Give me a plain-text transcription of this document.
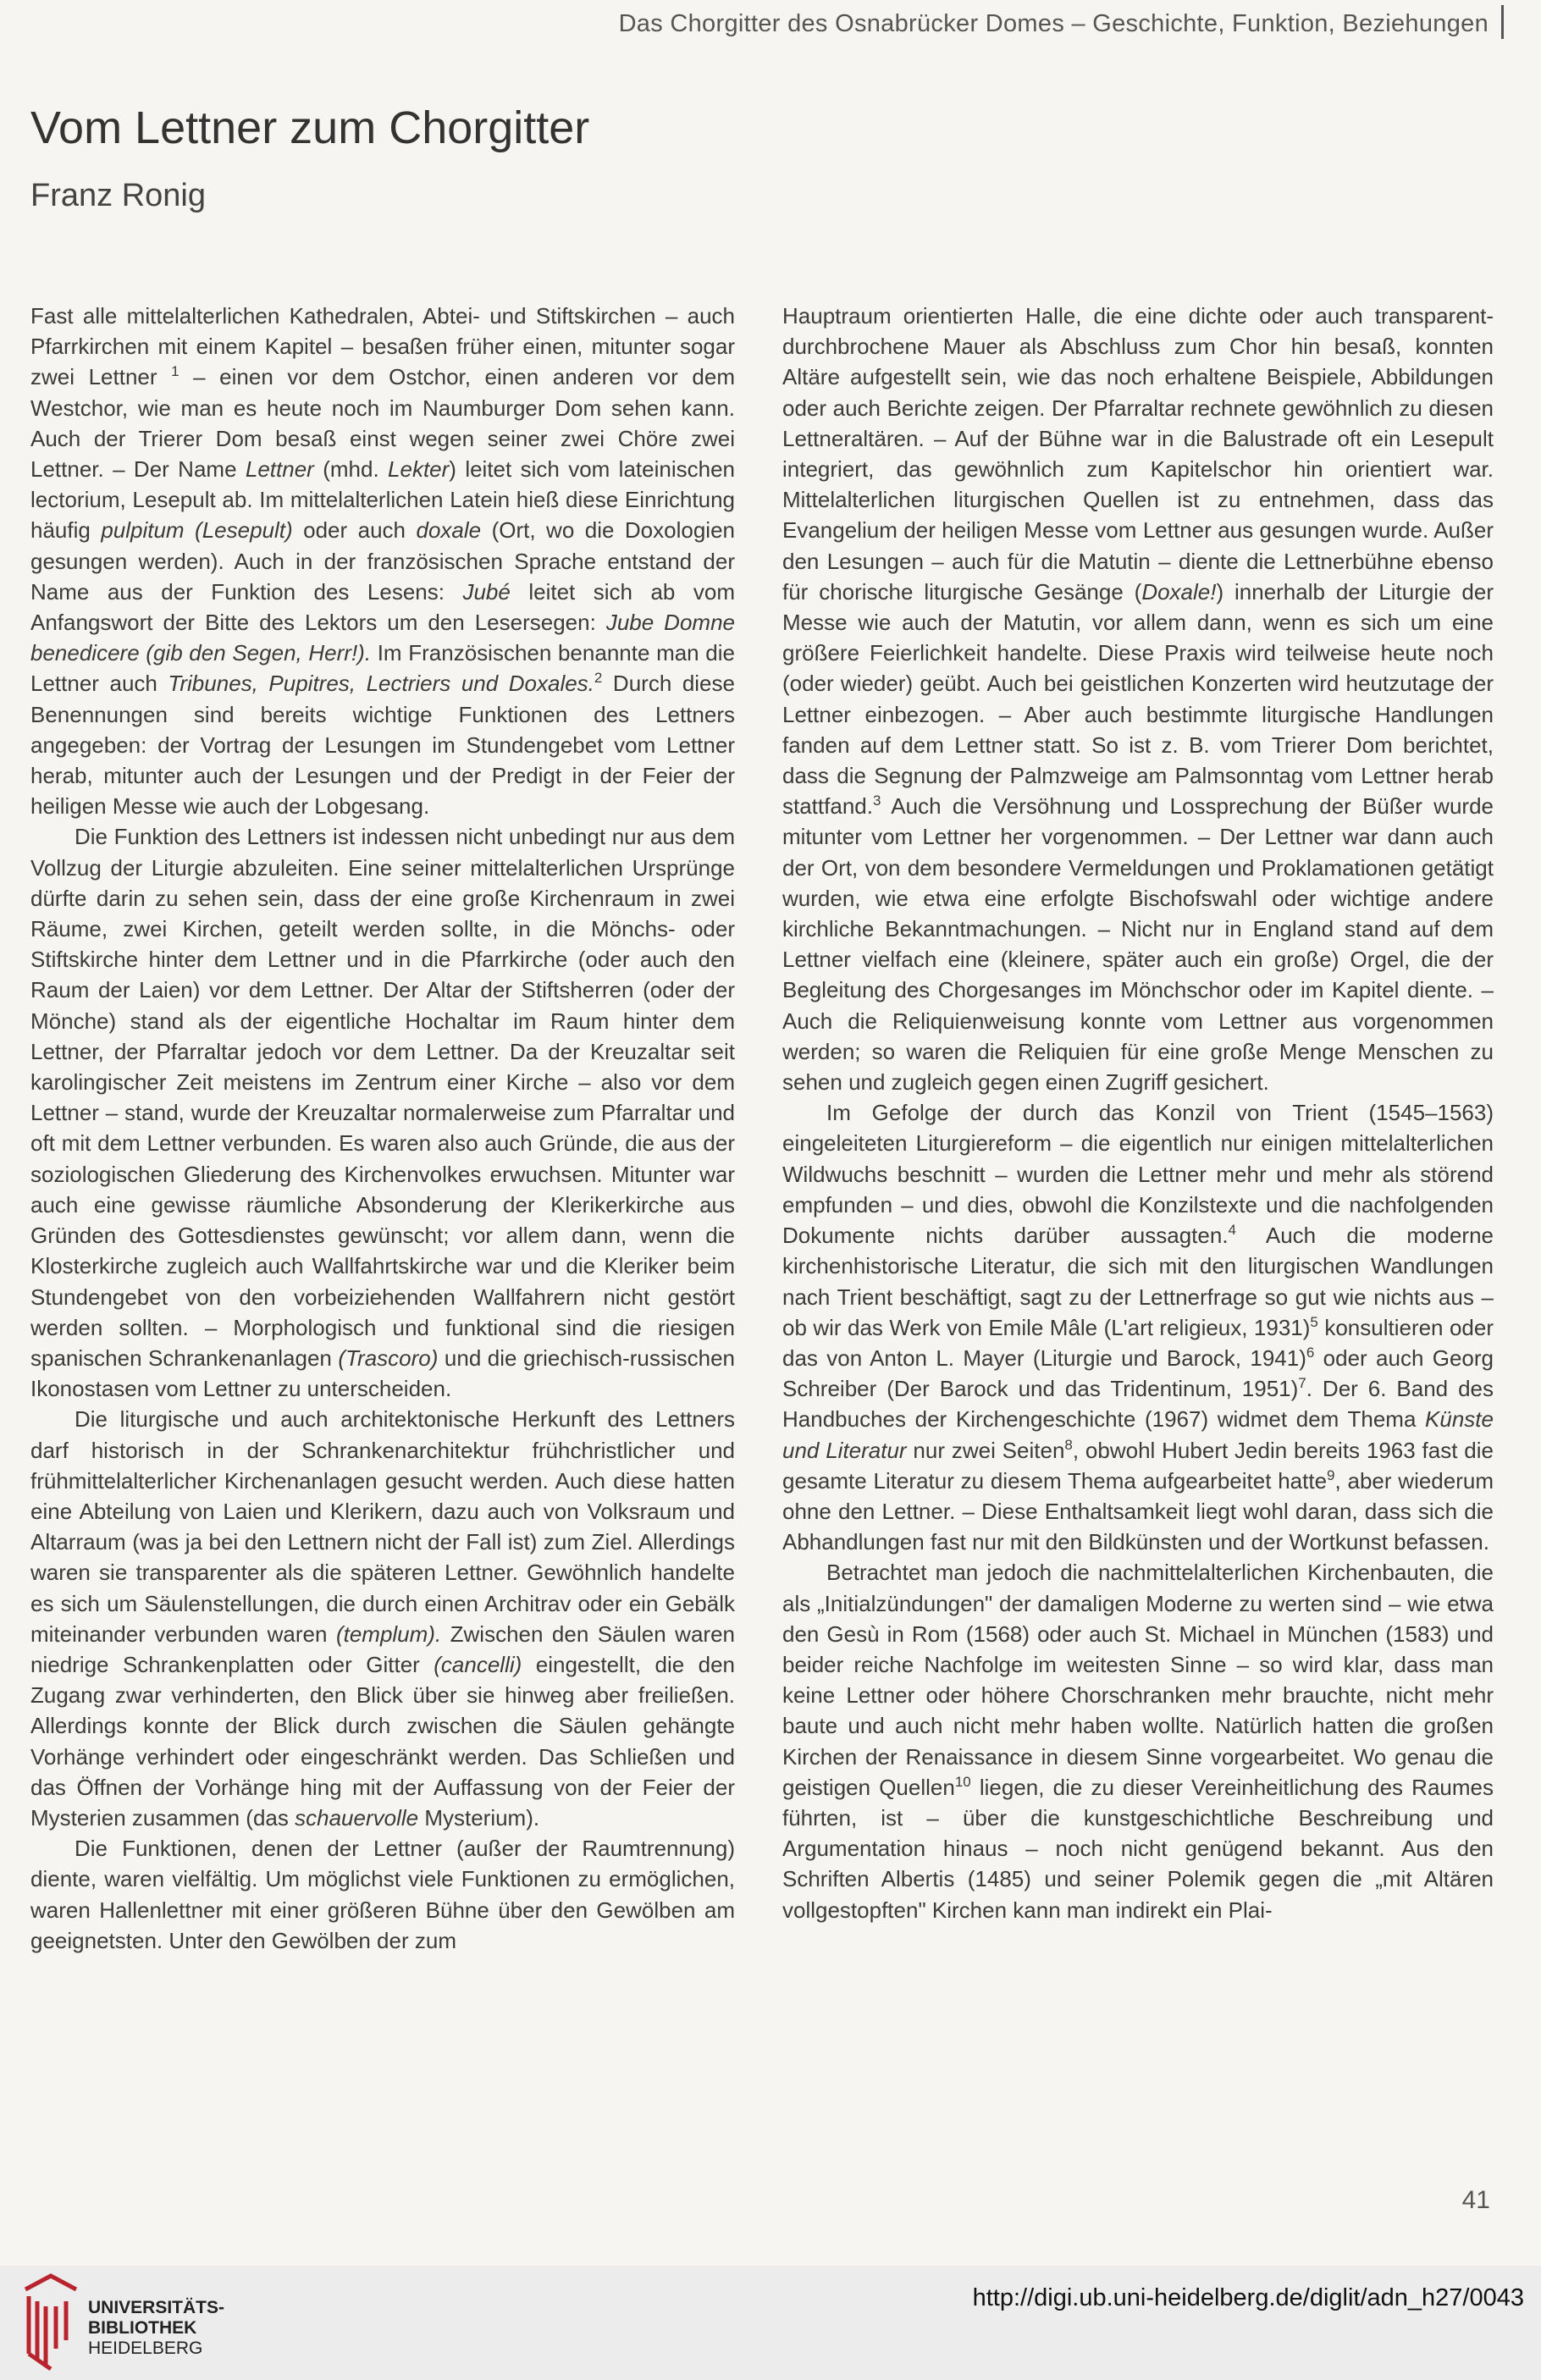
Das Chorgitter des Osnabrücker Domes – Geschichte, Funktion, Beziehungen
Vom Lettner zum Chorgitter
Franz Ronig

Fast alle mittelalterlichen Kathedralen, Abtei- und Stiftskirchen – auch Pfarrkirchen mit einem Kapitel – besaßen früher einen, mitunter sogar zwei Lettner $^1$ – einen vor dem Ostchor, einen anderen vor dem Westchor, wie man es heute noch im Naumburger Dom sehen kann. Auch der Trierer Dom besaß einst wegen seiner zwei Chöre zwei Lettner. – Der Name Lettner (mhd. Lekter) leitet sich vom lateinischen lectorium, Lesepult ab. Im mittelalterlichen Latein hieß diese Einrichtung häufig pulpitum (Lesepult) oder auch doxale (Ort, wo die Doxologien gesungen werden). Auch in der französischen Sprache entstand der Name aus der Funktion des Lesens: Jubé leitet sich ab vom Anfangswort der Bitte des Lektors um den Lesersegen: Jube Domne benedicere (gib den Segen, Herr!). Im Französischen benannte man die Lettner auch Tribunes, Pupitres, Lectriers und Doxales.$^2$ Durch diese Benennungen sind bereits wichtige Funktionen des Lettners angegeben: der Vortrag der Lesungen im Stundengebet vom Lettner herab, mitunter auch der Lesungen und der Predigt in der Feier der heiligen Messe wie auch der Lobgesang.

Die Funktion des Lettners ist indessen nicht unbedingt nur aus dem Vollzug der Liturgie abzuleiten. Eine seiner mittelalterlichen Ursprünge dürfte darin zu sehen sein, dass der eine große Kirchenraum in zwei Räume, zwei Kirchen, geteilt werden sollte, in die Mönchs- oder Stiftskirche hinter dem Lettner und in die Pfarrkirche (oder auch den Raum der Laien) vor dem Lettner. Der Altar der Stiftsherren (oder der Mönche) stand als der eigentliche Hochaltar im Raum hinter dem Lettner, der Pfarraltar jedoch vor dem Lettner. Da der Kreuzaltar seit karolingischer Zeit meistens im Zentrum einer Kirche – also vor dem Lettner – stand, wurde der Kreuzaltar normalerweise zum Pfarraltar und oft mit dem Lettner verbunden. Es waren also auch Gründe, die aus der soziologischen Gliederung des Kirchenvolkes erwuchsen. Mitunter war auch eine gewisse räumliche Absonderung der Klerikerkirche aus Gründen des Gottesdienstes gewünscht; vor allem dann, wenn die Klosterkirche zugleich auch Wallfahrtskirche war und die Kleriker beim Stundengebet von den vorbeiziehenden Wallfahrern nicht gestört werden sollten. – Morphologisch und funktional sind die riesigen spanischen Schrankenanlagen (Trascoro) und die griechisch-russischen Ikonostasen vom Lettner zu unterscheiden.

Die liturgische und auch architektonische Herkunft des Lettners darf historisch in der Schrankenarchitektur frühchristlicher und frühmittelalterlicher Kirchenanlagen gesucht werden. Auch diese hatten eine Abteilung von Laien und Klerikern, dazu auch von Volksraum und Altarraum (was ja bei den Lettnern nicht der Fall ist) zum Ziel. Allerdings waren sie transparenter als die späteren Lettner. Gewöhnlich handelte es sich um Säulenstellungen, die durch einen Architrav oder ein Gebälk miteinander verbunden waren (templum). Zwischen den Säulen waren niedrige Schrankenplatten oder Gitter (cancelli) eingestellt, die den Zugang zwar verhinderten, den Blick über sie hinweg aber freiließen. Allerdings konnte der Blick durch zwischen die Säulen gehängte Vorhänge verhindert oder eingeschränkt werden. Das Schließen und das Öffnen der Vorhänge hing mit der Auffassung von der Feier der Mysterien zusammen (das schauervolle Mysterium).

Die Funktionen, denen der Lettner (außer der Raumtrennung) diente, waren vielfältig. Um möglichst viele Funktionen zu ermöglichen, waren Hallenlettner mit einer größeren Bühne über den Gewölben am geeignetsten. Unter den Gewölben der zum

Hauptraum orientierten Halle, die eine dichte oder auch transparent-durchbrochene Mauer als Abschluss zum Chor hin besaß, konnten Altäre aufgestellt sein, wie das noch erhaltene Beispiele, Abbildungen oder auch Berichte zeigen. Der Pfarraltar rechnete gewöhnlich zu diesen Lettneraltären. – Auf der Bühne war in die Balustrade oft ein Lesepult integriert, das gewöhnlich zum Kapitelschor hin orientiert war. Mittelalterlichen liturgischen Quellen ist zu entnehmen, dass das Evangelium der heiligen Messe vom Lettner aus gesungen wurde. Außer den Lesungen – auch für die Matutin – diente die Lettnerbühne ebenso für chorische liturgische Gesänge (Doxale!) innerhalb der Liturgie der Messe wie auch der Matutin, vor allem dann, wenn es sich um eine größere Feierlichkeit handelte. Diese Praxis wird teilweise heute noch (oder wieder) geübt. Auch bei geistlichen Konzerten wird heutzutage der Lettner einbezogen. – Aber auch bestimmte liturgische Handlungen fanden auf dem Lettner statt. So ist z. B. vom Trierer Dom berichtet, dass die Segnung der Palmzweige am Palmsonntag vom Lettner herab stattfand.$^3$ Auch die Versöhnung und Lossprechung der Büßer wurde mitunter vom Lettner her vorgenommen. – Der Lettner war dann auch der Ort, von dem besondere Vermeldungen und Proklamationen getätigt wurden, wie etwa eine erfolgte Bischofswahl oder wichtige andere kirchliche Bekanntmachungen. – Nicht nur in England stand auf dem Lettner vielfach eine (kleinere, später auch ein große) Orgel, die der Begleitung des Chorgesanges im Mönchschor oder im Kapitel diente. – Auch die Reliquienweisung konnte vom Lettner aus vorgenommen werden; so waren die Reliquien für eine große Menge Menschen zu sehen und zugleich gegen einen Zugriff gesichert.

Im Gefolge der durch das Konzil von Trient (1545–1563) eingeleiteten Liturgiereform – die eigentlich nur einigen mittelalterlichen Wildwuchs beschnitt – wurden die Lettner mehr und mehr als störend empfunden – und dies, obwohl die Konzilstexte und die nachfolgenden Dokumente nichts darüber aussagten.$^4$ Auch die moderne kirchenhistorische Literatur, die sich mit den liturgischen Wandlungen nach Trient beschäftigt, sagt zu der Lettnerfrage so gut wie nichts aus – ob wir das Werk von Emile Mâle (L'art religieux, 1931)$^5$ konsultieren oder das von Anton L. Mayer (Liturgie und Barock, 1941)$^6$ oder auch Georg Schreiber (Der Barock und das Tridentinum, 1951)$^7$. Der 6. Band des Handbuches der Kirchengeschichte (1967) widmet dem Thema Künste und Literatur nur zwei Seiten$^8$, obwohl Hubert Jedin bereits 1963 fast die gesamte Literatur zu diesem Thema aufgearbeitet hatte$^9$, aber wiederum ohne den Lettner. – Diese Enthaltsamkeit liegt wohl daran, dass sich die Abhandlungen fast nur mit den Bildkünsten und der Wortkunst befassen.

Betrachtet man jedoch die nachmittelalterlichen Kirchenbauten, die als „Initialzündungen" der damaligen Moderne zu werten sind – wie etwa den Gesù in Rom (1568) oder auch St. Michael in München (1583) und beider reiche Nachfolge im weitesten Sinne – so wird klar, dass man keine Lettner oder höhere Chorschranken mehr brauchte, nicht mehr baute und auch nicht mehr haben wollte. Natürlich hatten die großen Kirchen der Renaissance in diesem Sinne vorgearbeitet. Wo genau die geistigen Quellen$^{10}$ liegen, die zu dieser Vereinheitlichung des Raumes führten, ist – über die kunstgeschichtliche Beschreibung und Argumentation hinaus – noch nicht genügend bekannt. Aus den Schriften Albertis (1485) und seiner Polemik gegen die „mit Altären vollgestopften" Kirchen kann man indirekt ein Plai-

41
UNIVERSITÄTS-
BIBLIOTHEK
HEIDELBERG
http://digi.ub.uni-heidelberg.de/diglit/adn_h27/0043
